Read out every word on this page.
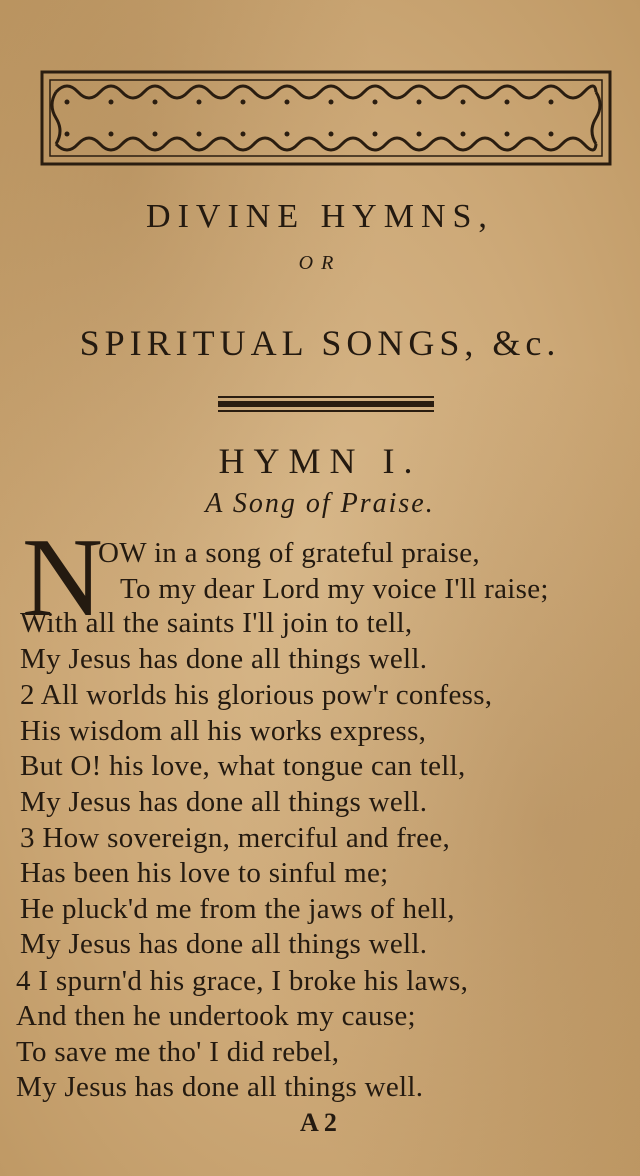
DIVINE HYMNS,
OR
SPIRITUAL SONGS, &c.
HYMN I.
A Song of Praise.
N
OW in a song of grateful praise,
To my dear Lord my voice I'll raise;
With all the saints I'll join to tell,
My Jesus has done all things well.
2 All worlds his glorious pow'r confess,
His wisdom all his works express,
But O! his love, what tongue can tell,
My Jesus has done all things well.
3 How sovereign, merciful and free,
Has been his love to sinful me;
He pluck'd me from the jaws of hell,
My Jesus has done all things well.
4 I spurn'd his grace, I broke his laws,
And then he undertook my cause;
To save me tho' I did rebel,
My Jesus has done all things well.
A 2
